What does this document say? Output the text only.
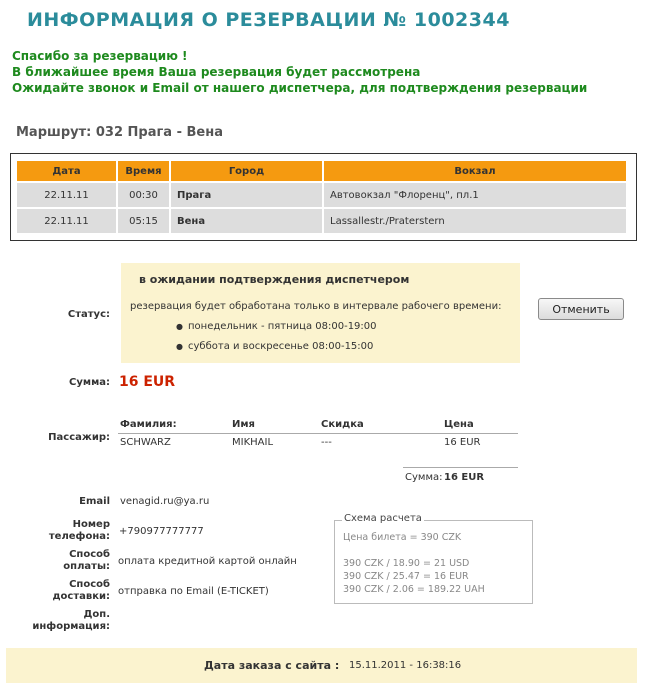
ИНФОРМАЦИЯ О РЕЗЕРВАЦИИ № 1002344
Спасибо за резервацию !
В ближайшее время Ваша резервация будет рассмотрена
Ожидайте звонок и Email от нашего диспетчера, для подтверждения резервации
Маршрут: 032 Прага - Вена
Дата	Время	Город	Вокзал
22.11.11	00:30	Прага	Автовокзал "Флоренц", пл.1
22.11.11	05:15	Вена	Lassallestr./Praterstern
Статус:
в ожидании подтверждения диспетчером
резервация будет обработана только в интервале рабочего времени:
● понедельник - пятница 08:00-19:00
● суббота и воскресенье 08:00-15:00
Отменить
Сумма: 16 EUR
Пассажир:
Фамилия:	Имя	Скидка	Цена
SCHWARZ	MIKHAIL	---	16 EUR
Сумма: 16 EUR
Email venagid.ru@ya.ru
Номер
телефона: +790977777777
Способ
оплаты: оплата кредитной картой онлайн
Способ
доставки: отправка по Email (E-TICKET)
Доп.
информация:
Схема расчета
Цена билета = 390 CZK
390 CZK / 18.90 = 21 USD
390 CZK / 25.47 = 16 EUR
390 CZK / 2.06 = 189.22 UAH
Дата заказа с сайта : 15.11.2011 - 16:38:16
